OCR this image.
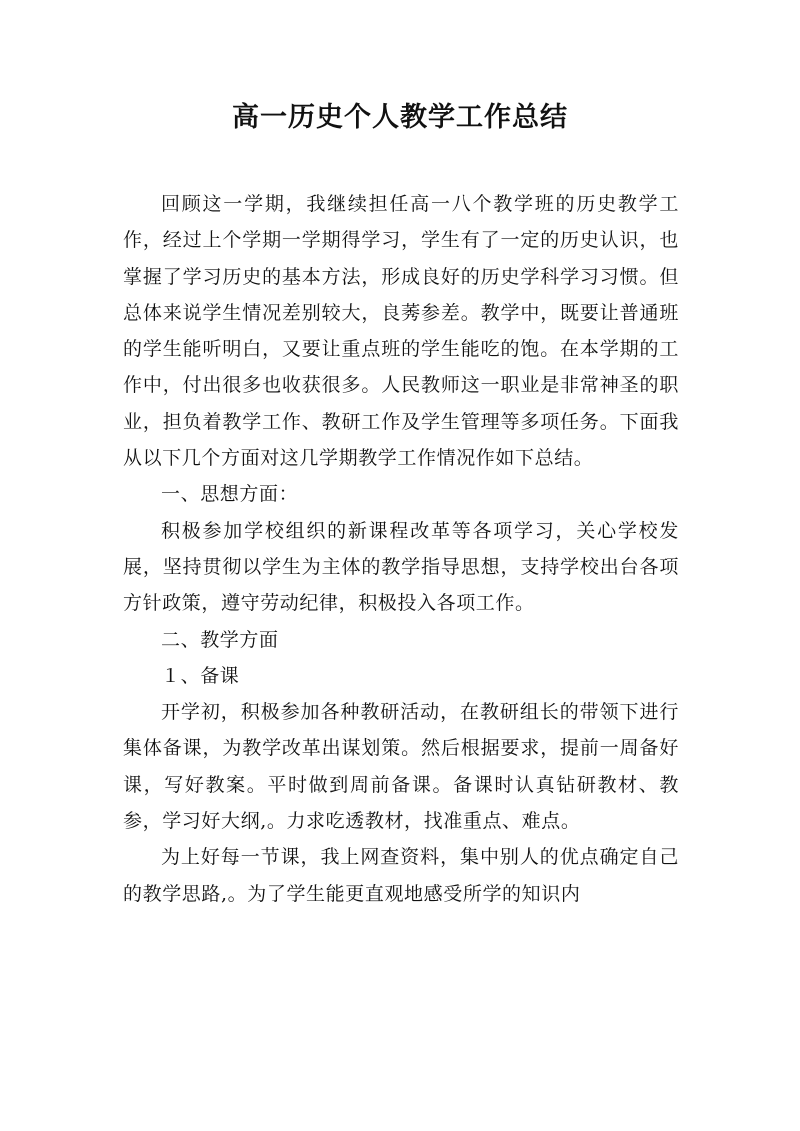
高一历史个人教学工作总结

回顾这一学期，我继续担任高一八个教学班的历史教学工作，经过上个学期一学期得学习，学生有了一定的历史认识，也掌握了学习历史的基本方法，形成良好的历史学科学习习惯。但总体来说学生情况差别较大，良莠参差。教学中，既要让普通班的学生能听明白，又要让重点班的学生能吃的饱。在本学期的工作中，付出很多也收获很多。人民教师这一职业是非常神圣的职业，担负着教学工作、教研工作及学生管理等多项任务。下面我从以下几个方面对这几学期教学工作情况作如下总结。

一、思想方面：

积极参加学校组织的新课程改革等各项学习，关心学校发展，坚持贯彻以学生为主体的教学指导思想，支持学校出台各项方针政策，遵守劳动纪律，积极投入各项工作。

二、教学方面

１、备课

开学初，积极参加各种教研活动，在教研组长的带领下进行集体备课，为教学改革出谋划策。然后根据要求，提前一周备好课，写好教案。平时做到周前备课。备课时认真钻研教材、教参，学习好大纲,。力求吃透教材，找准重点、难点。

为上好每一节课，我上网查资料，集中别人的优点确定自己的教学思路,。为了学生能更直观地感受所学的知识内
